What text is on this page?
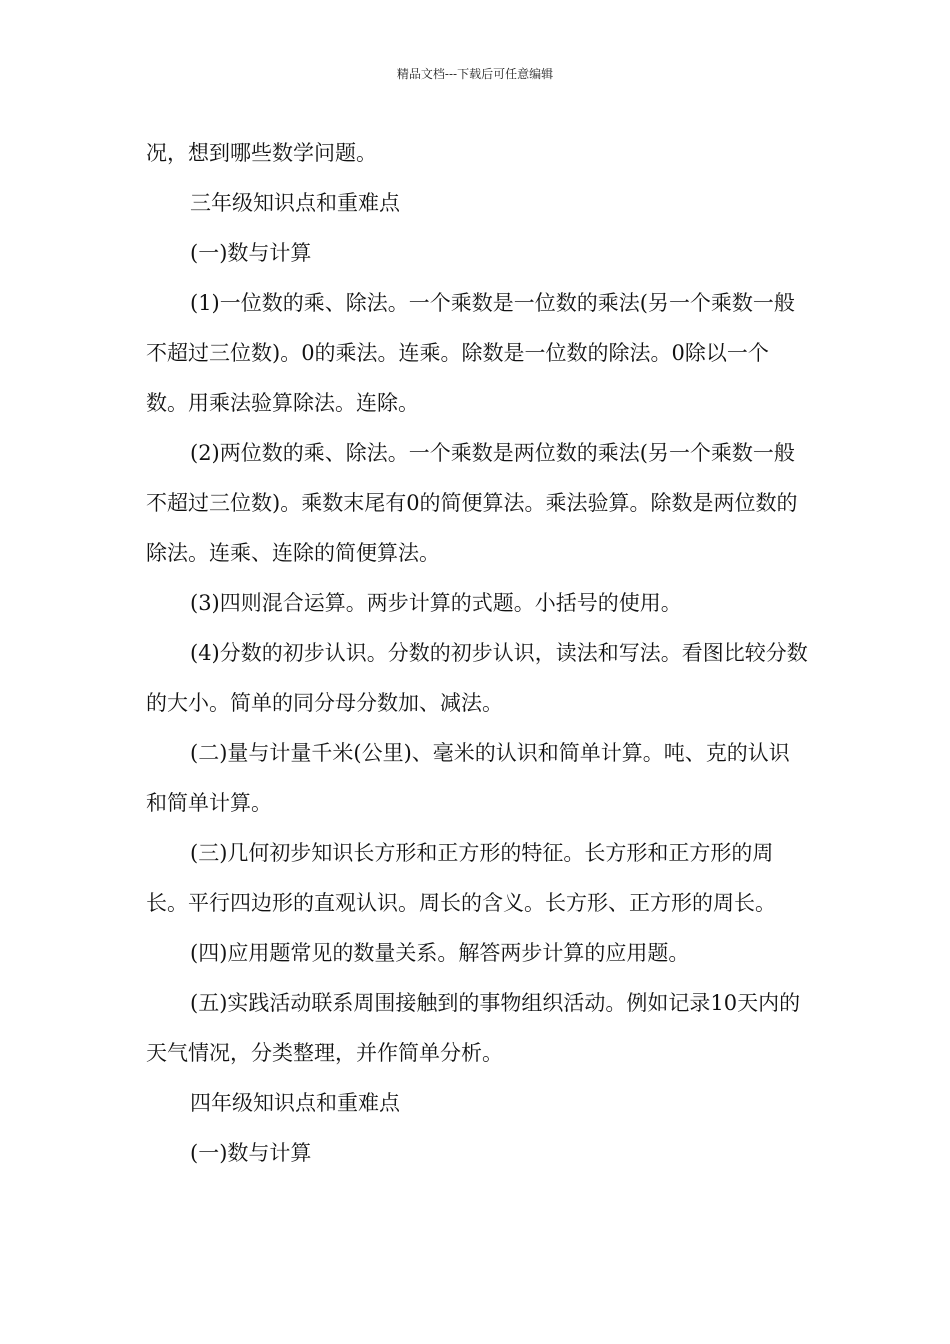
精品文档---下载后可任意编辑

况，想到哪些数学问题。

三年级知识点和重难点

(一)数与计算

(1)一位数的乘、除法。一个乘数是一位数的乘法(另一个乘数一般不超过三位数)。0的乘法。连乘。除数是一位数的除法。0除以一个数。用乘法验算除法。连除。

(2)两位数的乘、除法。一个乘数是两位数的乘法(另一个乘数一般不超过三位数)。乘数末尾有0的简便算法。乘法验算。除数是两位数的除法。连乘、连除的简便算法。

(3)四则混合运算。两步计算的式题。小括号的使用。

(4)分数的初步认识。分数的初步认识，读法和写法。看图比较分数的大小。简单的同分母分数加、减法。

(二)量与计量千米(公里)、毫米的认识和简单计算。吨、克的认识和简单计算。

(三)几何初步知识长方形和正方形的特征。长方形和正方形的周长。平行四边形的直观认识。周长的含义。长方形、正方形的周长。

(四)应用题常见的数量关系。解答两步计算的应用题。

(五)实践活动联系周围接触到的事物组织活动。例如记录10天内的天气情况，分类整理，并作简单分析。

四年级知识点和重难点

(一)数与计算
